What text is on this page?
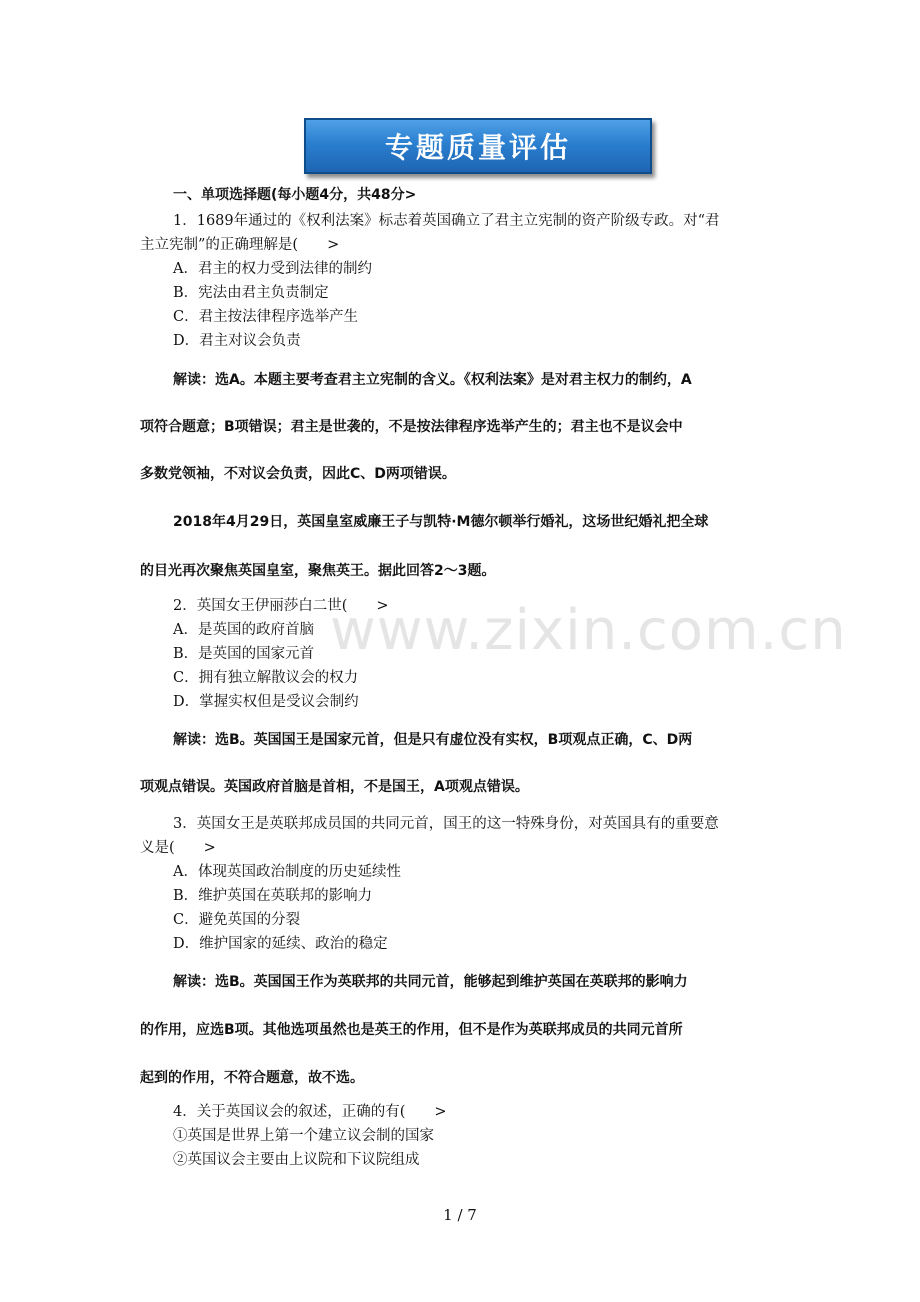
专题质量评估
一、单项选择题(每小题4分，共48分>
1．1689年通过的《权利法案》标志着英国确立了君主立宪制的资产阶级专政。对“君
主立宪制”的正确理解是(　　>
A．君主的权力受到法律的制约
B．宪法由君主负责制定
C．君主按法律程序选举产生
D．君主对议会负责
解读：选A。本题主要考查君主立宪制的含义。《权利法案》是对君主权力的制约，A
项符合题意；B项错误；君主是世袭的，不是按法律程序选举产生的；君主也不是议会中
多数党领袖，不对议会负责，因此C、D两项错误。
2018年4月29日，英国皇室威廉王子与凯特·M德尔顿举行婚礼，这场世纪婚礼把全球
的目光再次聚焦英国皇室，聚焦英王。据此回答2～3题。
2．英国女王伊丽莎白二世(　　>
A．是英国的政府首脑
B．是英国的国家元首
C．拥有独立解散议会的权力
D．掌握实权但是受议会制约
解读：选B。英国国王是国家元首，但是只有虚位没有实权，B项观点正确，C、D两
项观点错误。英国政府首脑是首相，不是国王，A项观点错误。
3．英国女王是英联邦成员国的共同元首，国王的这一特殊身份，对英国具有的重要意
义是(　　>
A．体现英国政治制度的历史延续性
B．维护英国在英联邦的影响力
C．避免英国的分裂
D．维护国家的延续、政治的稳定
解读：选B。英国国王作为英联邦的共同元首，能够起到维护英国在英联邦的影响力
的作用，应选B项。其他选项虽然也是英王的作用，但不是作为英联邦成员的共同元首所
起到的作用，不符合题意，故不选。
4．关于英国议会的叙述，正确的有(　　>
①英国是世界上第一个建立议会制的国家
②英国议会主要由上议院和下议院组成
www.zixin.com.cn
1 / 7
